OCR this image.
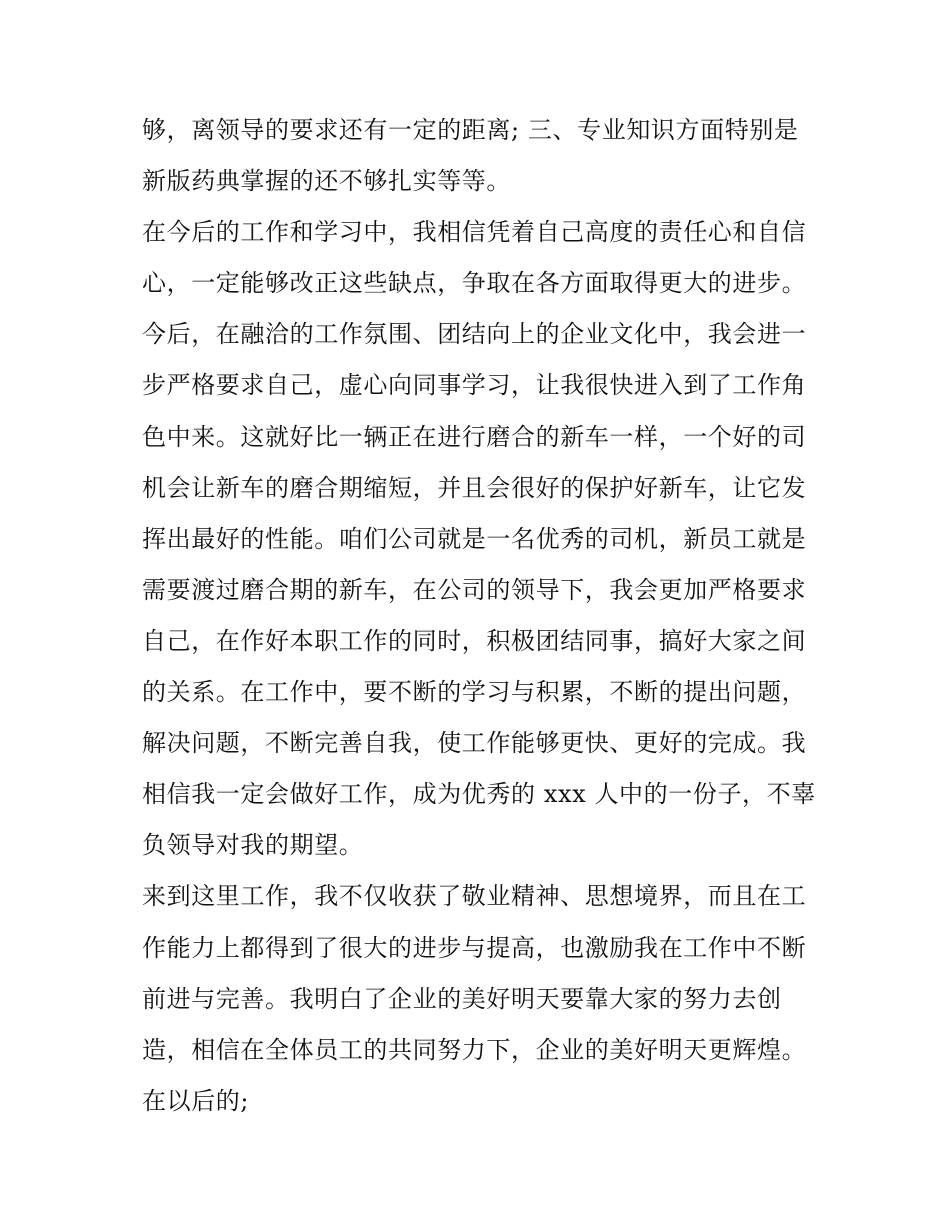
够，离领导的要求还有一定的距离; 三、专业知识方面特别是
新版药典掌握的还不够扎实等等。
在今后的工作和学习中，我相信凭着自己高度的责任心和自信
心，一定能够改正这些缺点，争取在各方面取得更大的进步。
今后，在融洽的工作氛围、团结向上的企业文化中，我会进一
步严格要求自己，虚心向同事学习，让我很快进入到了工作角
色中来。这就好比一辆正在进行磨合的新车一样，一个好的司
机会让新车的磨合期缩短，并且会很好的保护好新车，让它发
挥出最好的性能。咱们公司就是一名优秀的司机，新员工就是
需要渡过磨合期的新车，在公司的领导下，我会更加严格要求
自己，在作好本职工作的同时，积极团结同事，搞好大家之间
的关系。在工作中，要不断的学习与积累，不断的提出问题，
解决问题，不断完善自我，使工作能够更快、更好的完成。我
相信我一定会做好工作，成为优秀的 xxx 人中的一份子，不辜
负领导对我的期望。
来到这里工作，我不仅收获了敬业精神、思想境界，而且在工
作能力上都得到了很大的进步与提高，也激励我在工作中不断
前进与完善。我明白了企业的美好明天要靠大家的努力去创
造，相信在全体员工的共同努力下，企业的美好明天更辉煌。
在以后的;
